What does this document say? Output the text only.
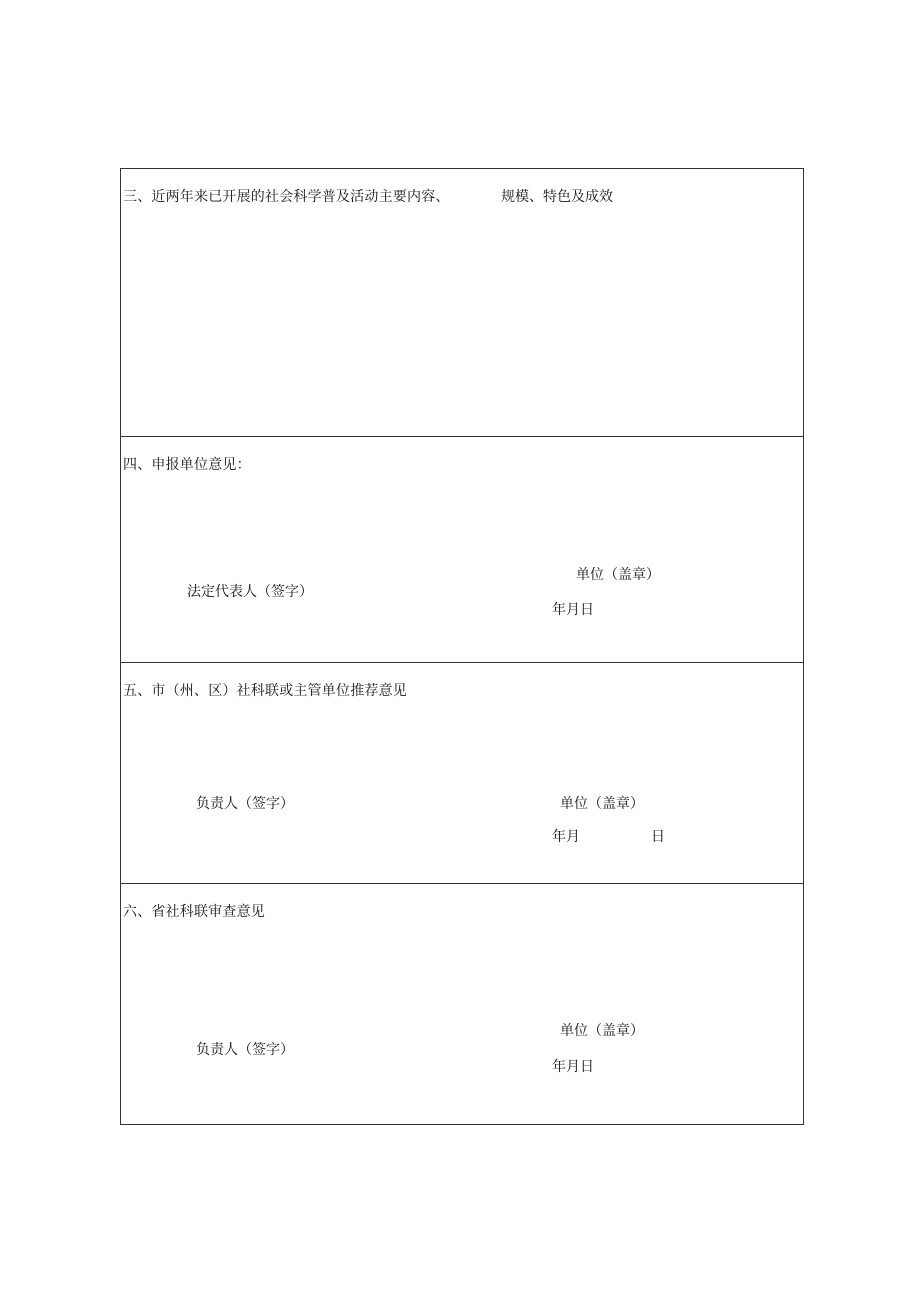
三、近两年来已开展的社会科学普及活动主要内容、	规模、特色及成效
四、申报单位意见：
法定代表人（签字）
单位（盖章）
年月日
五、市（州、区）社科联或主管单位推荐意见
负责人（签字）	单位（盖章）
年月	日
六、省社科联审查意见
负责人（签字）
单位（盖章）
年月日
